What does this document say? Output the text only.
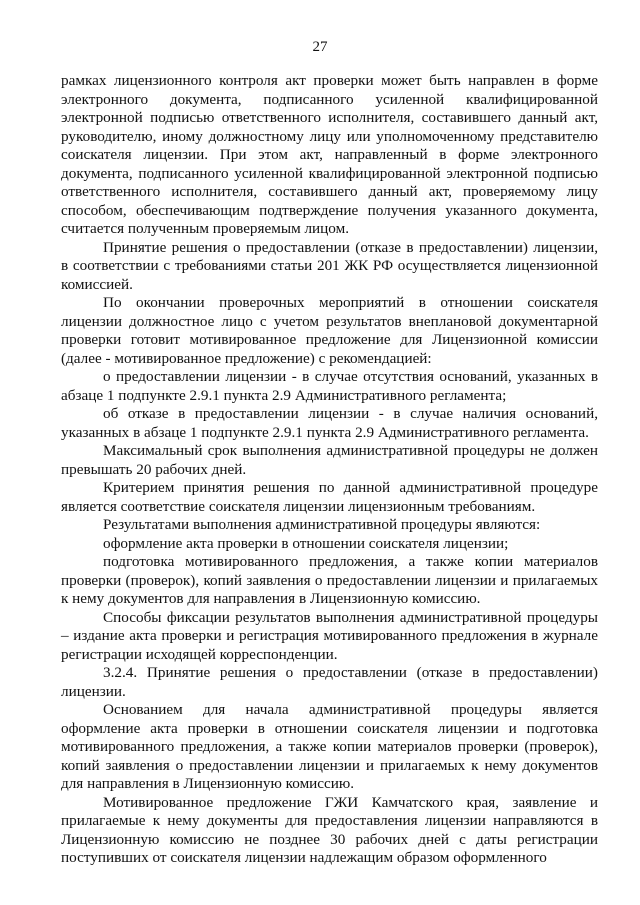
27

рамках лицензионного контроля акт проверки может быть направлен в форме электронного документа, подписанного усиленной квалифицированной электронной подписью ответственного исполнителя, составившего данный акт, руководителю, иному должностному лицу или уполномоченному представителю соискателя лицензии. При этом акт, направленный в форме электронного документа, подписанного усиленной квалифицированной электронной подписью ответственного исполнителя, составившего данный акт, проверяемому лицу способом, обеспечивающим подтверждение получения указанного документа, считается полученным проверяемым лицом.

Принятие решения о предоставлении (отказе в предоставлении) лицензии, в соответствии с требованиями статьи 201 ЖК РФ осуществляется лицензионной комиссией.

По окончании проверочных мероприятий в отношении соискателя лицензии должностное лицо с учетом результатов внеплановой документарной проверки готовит мотивированное предложение для Лицензионной комиссии (далее - мотивированное предложение) с рекомендацией:

о предоставлении лицензии - в случае отсутствия оснований, указанных в абзаце 1 подпункте 2.9.1 пункта 2.9 Административного регламента;

об отказе в предоставлении лицензии - в случае наличия оснований, указанных в абзаце 1 подпункте 2.9.1 пункта 2.9 Административного регламента.

Максимальный срок выполнения административной процедуры не должен превышать 20 рабочих дней.

Критерием принятия решения по данной административной процедуре является соответствие соискателя лицензии лицензионным требованиям.

Результатами выполнения административной процедуры являются:

оформление акта проверки в отношении соискателя лицензии;

подготовка мотивированного предложения, а также копии материалов проверки (проверок), копий заявления о предоставлении лицензии и прилагаемых к нему документов для направления в Лицензионную комиссию.

Способы фиксации результатов выполнения административной процедуры – издание акта проверки и регистрация мотивированного предложения в журнале регистрации исходящей корреспонденции.

3.2.4. Принятие решения о предоставлении (отказе в предоставлении) лицензии.

Основанием для начала административной процедуры является оформление акта проверки в отношении соискателя лицензии и подготовка мотивированного предложения, а также копии материалов проверки (проверок), копий заявления о предоставлении лицензии и прилагаемых к нему документов для направления в Лицензионную комиссию.

Мотивированное предложение ГЖИ Камчатского края, заявление и прилагаемые к нему документы для предоставления лицензии направляются в Лицензионную комиссию не позднее 30 рабочих дней с даты регистрации поступивших от соискателя лицензии надлежащим образом оформленного
